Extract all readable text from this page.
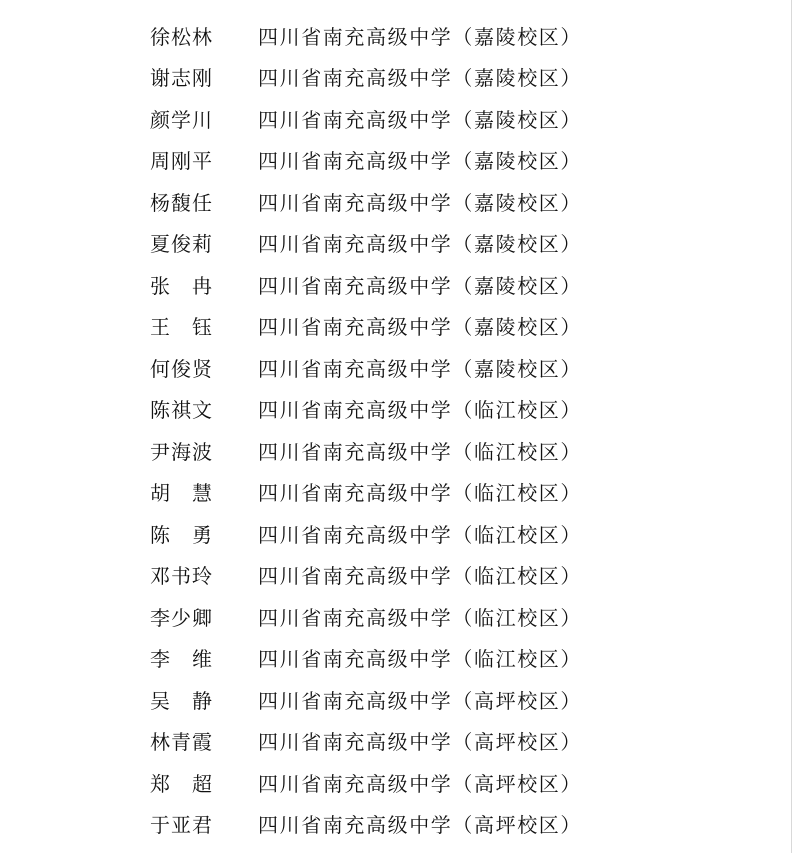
徐松林 四川省南充高级中学（嘉陵校区）
谢志刚 四川省南充高级中学（嘉陵校区）
颜学川 四川省南充高级中学（嘉陵校区）
周刚平 四川省南充高级中学（嘉陵校区）
杨馥任 四川省南充高级中学（嘉陵校区）
夏俊莉 四川省南充高级中学（嘉陵校区）
张　冉 四川省南充高级中学（嘉陵校区）
王　钰 四川省南充高级中学（嘉陵校区）
何俊贤 四川省南充高级中学（嘉陵校区）
陈祺文 四川省南充高级中学（临江校区）
尹海波 四川省南充高级中学（临江校区）
胡　慧 四川省南充高级中学（临江校区）
陈　勇 四川省南充高级中学（临江校区）
邓书玲 四川省南充高级中学（临江校区）
李少卿 四川省南充高级中学（临江校区）
李　维 四川省南充高级中学（临江校区）
吴　静 四川省南充高级中学（高坪校区）
林青霞 四川省南充高级中学（高坪校区）
郑　超 四川省南充高级中学（高坪校区）
于亚君 四川省南充高级中学（高坪校区）
